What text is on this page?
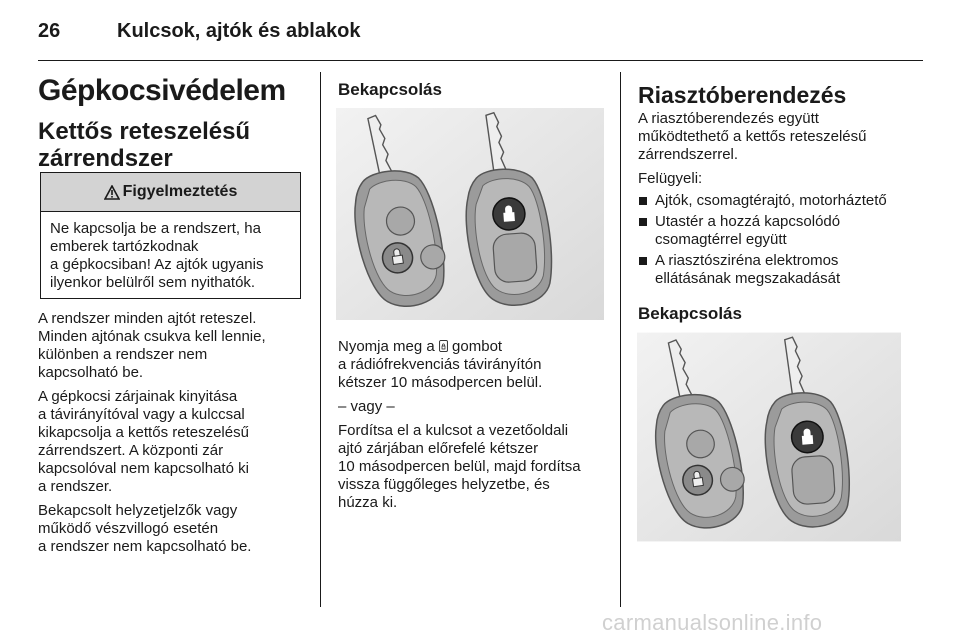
26	Kulcsok, ajtók és ablakok
Gépkocsivédelem
Kettős reteszelésű
zárrendszer
Figyelmeztetés
Ne kapcsolja be a rendszert, ha
emberek tartózkodnak
a gépkocsiban! Az ajtók ugyanis
ilyenkor belülről sem nyithatók.

A rendszer minden ajtót reteszel.
Minden ajtónak csukva kell lennie,
különben a rendszer nem
kapcsolható be.

A gépkocsi zárjainak kinyitása
a távirányítóval vagy a kulccsal
kikapcsolja a kettős reteszelésű
zárrendszert. A központi zár
kapcsolóval nem kapcsolható ki
a rendszer.

Bekapcsolt helyzetjelzők vagy
működő vészvillogó esetén
a rendszer nem kapcsolható be.

Bekapcsolás

Nyomja meg a gombot
a rádiófrekvenciás távirányítón
kétszer 10 másodpercen belül.

– vagy –

Fordítsa el a kulcsot a vezetőoldali
ajtó zárjában előrefelé kétszer
10 másodpercen belül, majd fordítsa
vissza függőleges helyzetbe, és
húzza ki.

Riasztóberendezés

A riasztóberendezés együtt
működtethető a kettős reteszelésű
zárrendszerrel.

Felügyeli:

Ajtók, csomagtérajtó, motorháztető
Utastér a hozzá kapcsolódó
csomagtérrel együtt
A riasztósziréna elektromos
ellátásának megszakadását
Bekapcsolás
carmanualsonline.info
